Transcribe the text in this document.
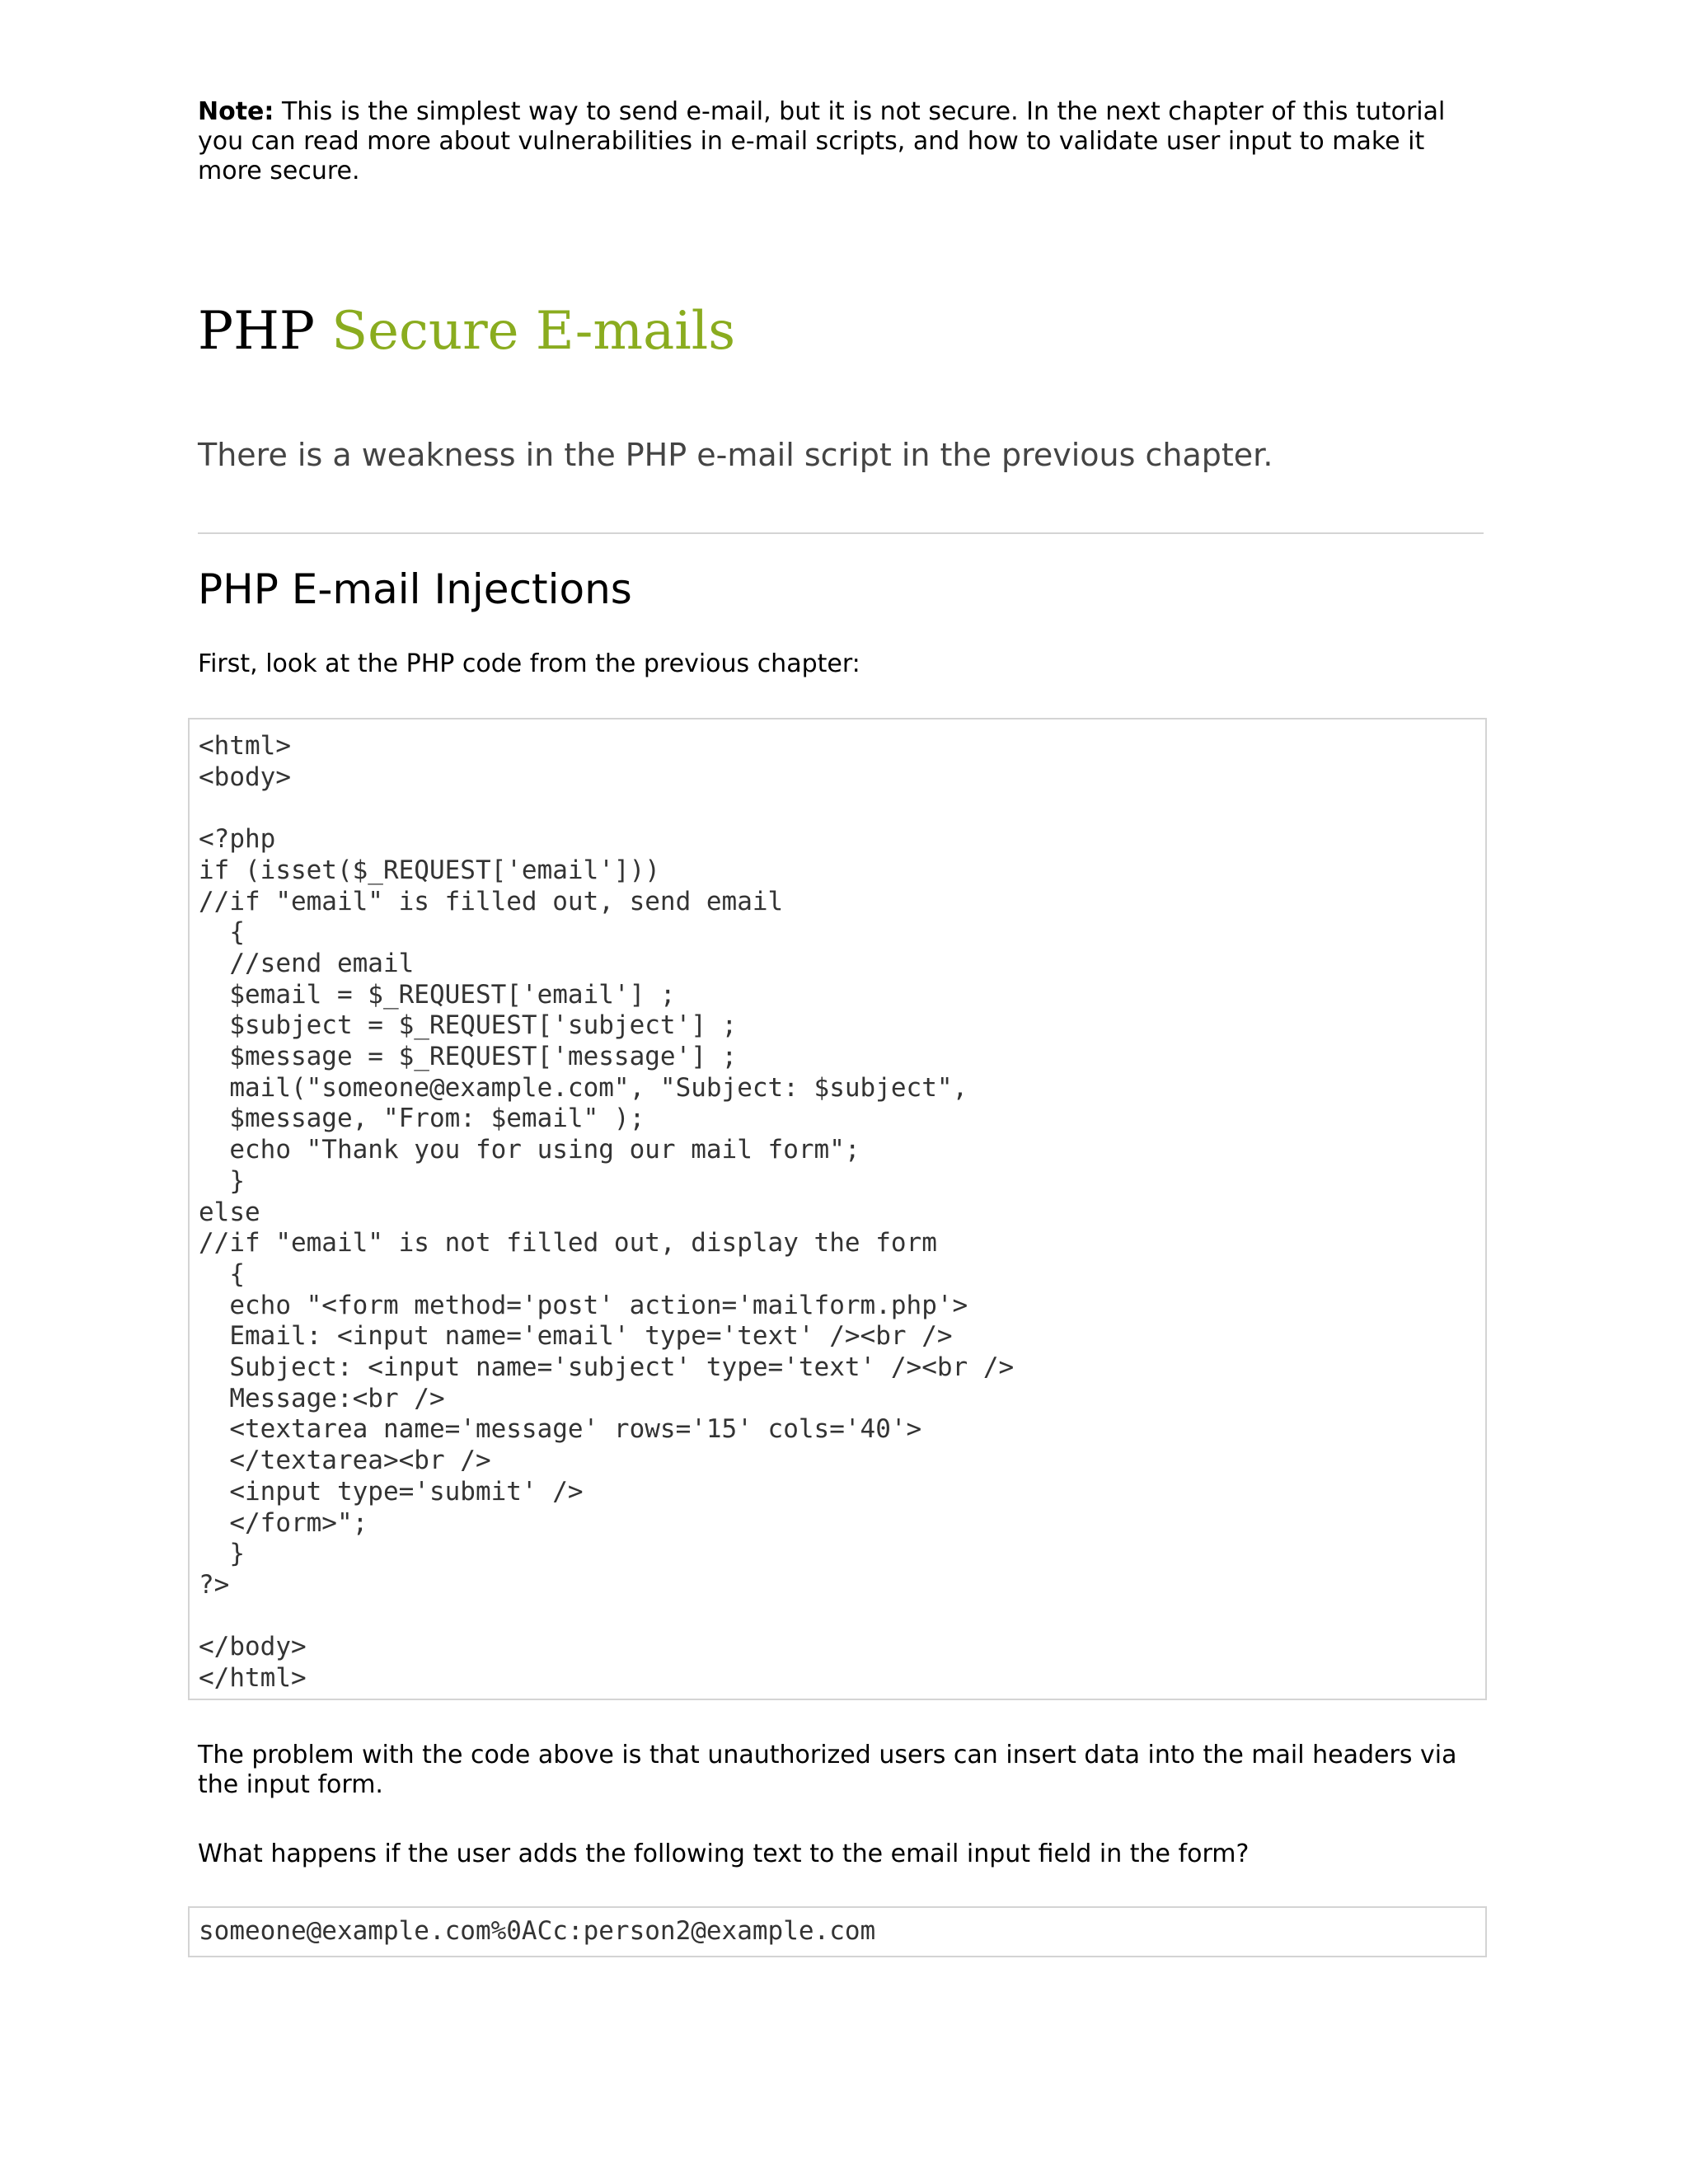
Note: This is the simplest way to send e-mail, but it is not secure. In the next chapter of this tutorial you can read more about vulnerabilities in e-mail scripts, and how to validate user input to make it more secure.

PHP Secure E-mails

There is a weakness in the PHP e-mail script in the previous chapter.

PHP E-mail Injections

First, look at the PHP code from the previous chapter:

<html>
<body>

<?php
if (isset($_REQUEST['email']))
//if "email" is filled out, send email
{
//send email
$email = $_REQUEST['email'] ;
$subject = $_REQUEST['subject'] ;
$message = $_REQUEST['message'] ;
mail("someone@example.com", "Subject: $subject",
$message, "From: $email" );
echo "Thank you for using our mail form";
}
else
//if "email" is not filled out, display the form
{
echo "<form method='post' action='mailform.php'>
Email: <input name='email' type='text' /><br />
Subject: <input name='subject' type='text' /><br />
Message:<br />
<textarea name='message' rows='15' cols='40'>
</textarea><br />
<input type='submit' />
</form>";
}
?>

</body>
</html>

The problem with the code above is that unauthorized users can insert data into the mail headers via the input form.

What happens if the user adds the following text to the email input field in the form?

someone@example.com%0ACc:person2@example.com
